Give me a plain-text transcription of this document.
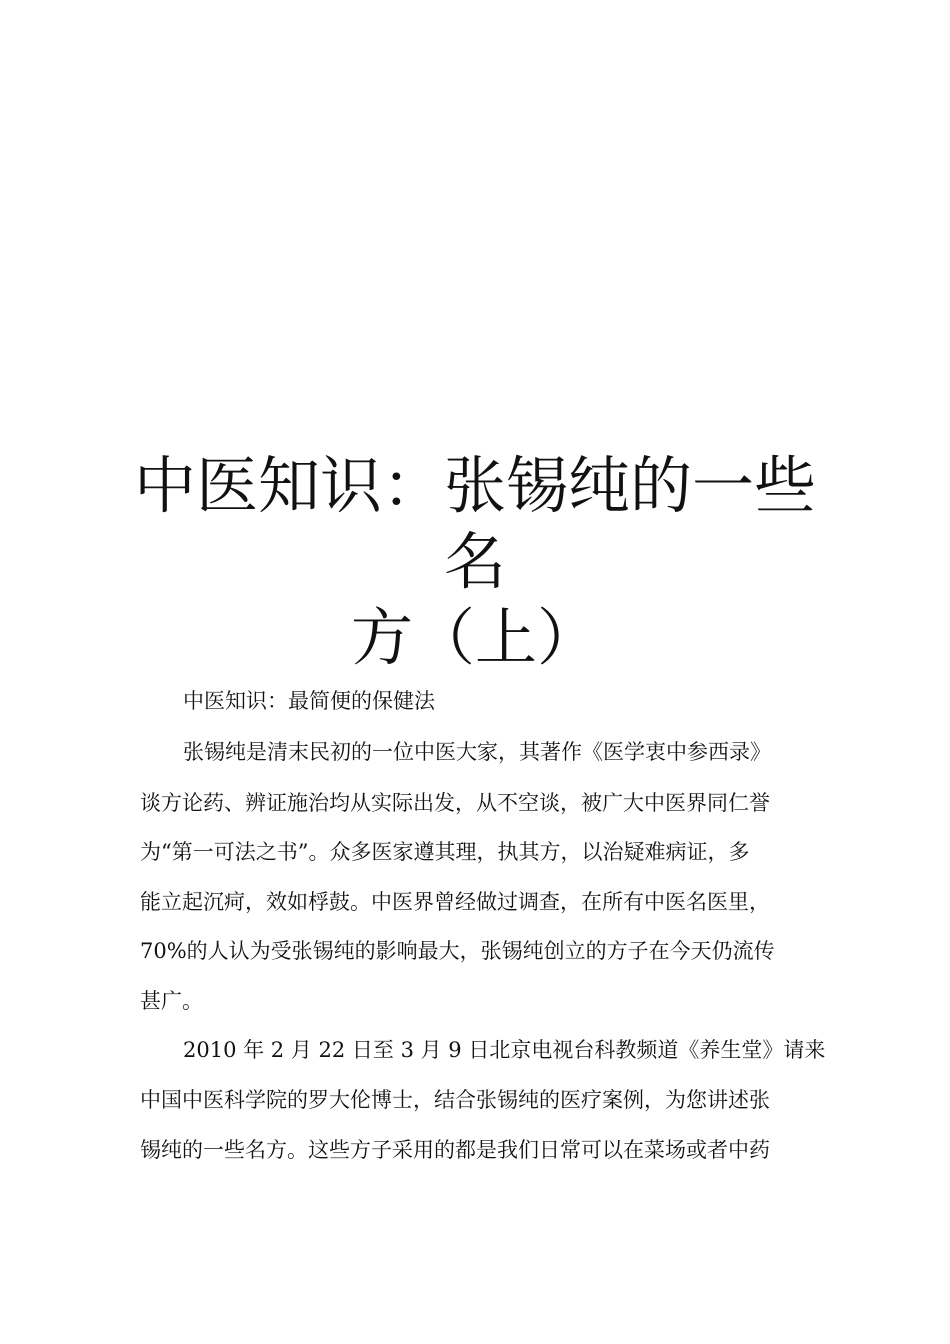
中医知识：张锡纯的一些
名
方（上）
中医知识：最简便的保健法
张锡纯是清末民初的一位中医大家，其著作《医学衷中参西录》
谈方论药、辨证施治均从实际出发，从不空谈，被广大中医界同仁誉
为“第一可法之书”。众多医家遵其理，执其方，以治疑难病证，多
能立起沉疴，效如桴鼓。中医界曾经做过调查，在所有中医名医里，
70%的人认为受张锡纯的影响最大，张锡纯创立的方子在今天仍流传
甚广。
2010 年 2 月 22 日至 3 月 9 日北京电视台科教频道《养生堂》请来
中国中医科学院的罗大伦博士，结合张锡纯的医疗案例，为您讲述张
锡纯的一些名方。这些方子采用的都是我们日常可以在菜场或者中药
